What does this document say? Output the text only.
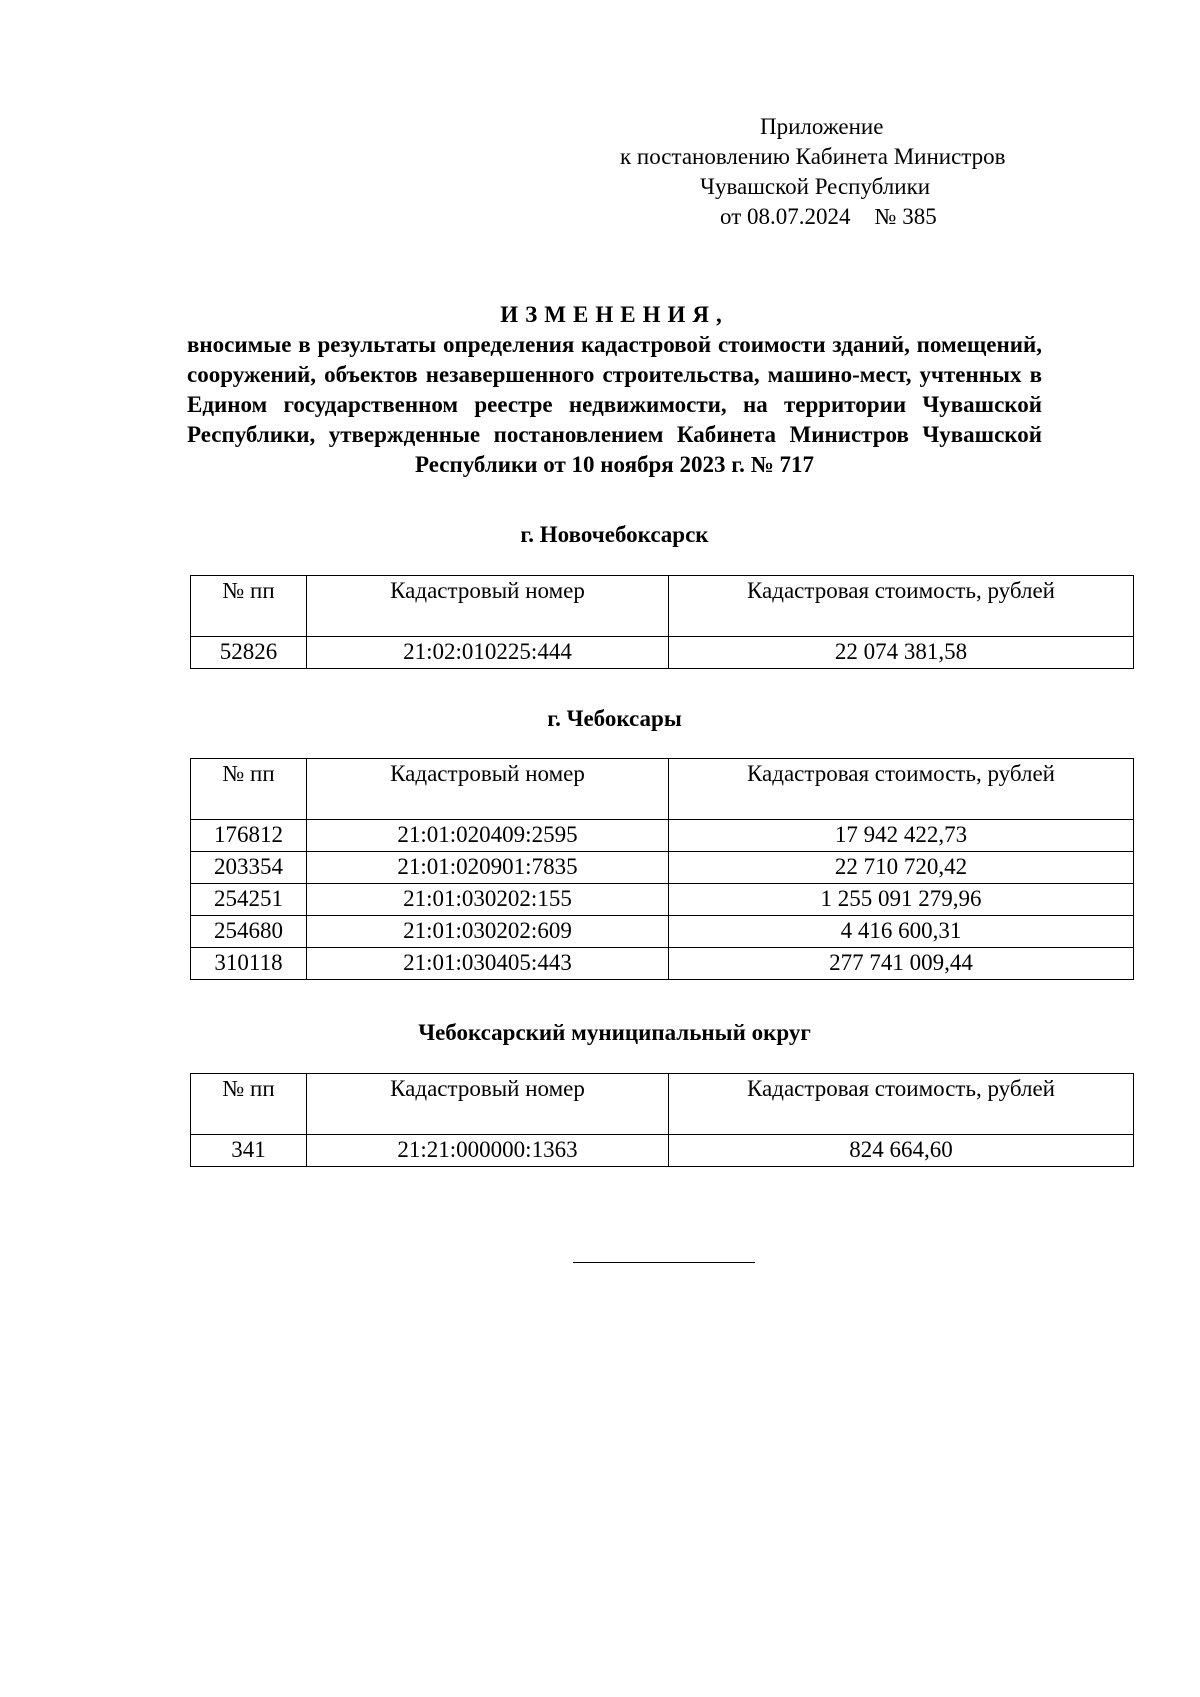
Приложение
к постановлению Кабинета Министров
Чувашской Республики
от 08.07.2024 № 385
ИЗМЕНЕНИЯ,
вносимые в результаты определения кадастровой стоимости зданий, помещений, сооружений, объектов незавершенного строительства, машино-мест, учтенных в Едином государственном реестре недвижимости, на территории Чувашской Республики, утвержденные постановлением Кабинета Министров Чувашской Республики от 10 ноября 2023 г. № 717
г. Новочебоксарск
№ пп	Кадастровый номер	Кадастровая стоимость, рублей
52826	21:02:010225:444	22 074 381,58
г. Чебоксары
№ пп	Кадастровый номер	Кадастровая стоимость, рублей
176812	21:01:020409:2595	17 942 422,73
203354	21:01:020901:7835	22 710 720,42
254251	21:01:030202:155	1 255 091 279,96
254680	21:01:030202:609	4 416 600,31
310118	21:01:030405:443	277 741 009,44
Чебоксарский муниципальный округ
№ пп	Кадастровый номер	Кадастровая стоимость, рублей
341	21:21:000000:1363	824 664,60
